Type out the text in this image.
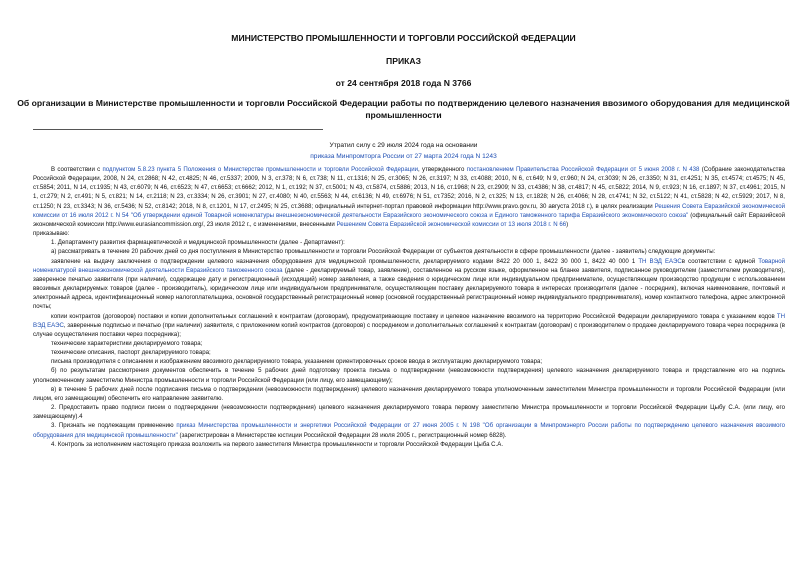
МИНИСТЕРСТВО ПРОМЫШЛЕННОСТИ И ТОРГОВЛИ РОССИЙСКОЙ ФЕДЕРАЦИИ
ПРИКАЗ
от 24 сентября 2018 года N 3766
Об организации в Министерстве промышленности и торговли Российской Федерации работы по подтверждению целевого назначения ввозимого оборудования для медицинской промышленности
Утратил силу с 29 июля 2024 года на основании
приказа Минпромторга России от 27 марта 2024 года N 1243

В соответствии с подпунктом 5.8.23 пункта 5 Положения о Министерстве промышленности и торговли Российской Федерации, утвержденного постановлением Правительства Российской Федерации от 5 июня 2008 г. N 438 (Собрание законодательства Российской Федерации, 2008, N 24, ст.2868; N 42, ст.4825; N 46, ст.5337; 2009, N 3, ст.378; N 6, ст.738; N 11, ст.1316; N 25, ст.3065; N 26, ст.3197; N 33, ст.4088; 2010, N 6, ст.649; N 9, ст.960; N 24, ст.3039; N 26, ст.3350; N 31, ст.4251; N 35, ст.4574; ст.4575; N 45, ст.5854; 2011, N 14, ст.1935; N 43, ст.6079; N 46, ст.6523; N 47, ст.6653; ст.6662; 2012, N 1, ст.192; N 37, ст.5001; N 43, ст.5874, ст.5886; 2013, N 16, ст.1968; N 23, ст.2909; N 33, ст.4386; N 38, ст.4817; N 45, ст.5822; 2014, N 9, ст.923; N 16, ст.1897; N 37, ст.4961; 2015, N 1, ст.279; N 2, ст.491; N 5, ст.821; N 14, ст.2118; N 23, ст.3334; N 26, ст.3901; N 27, ст.4080; N 40, ст.5563; N 44, ст.6136; N 49, ст.6976; N 51, ст.7352; 2016, N 2, ст.325; N 13, ст.1828; N 26, ст.4066; N 28, ст.4741; N 32, ст.5122; N 41, ст.5828; N 42, ст.5929; 2017, N 8, ст.1250; N 23, ст.3343; N 36, ст.5436; N 52, ст.8142; 2018, N 8, ст.1201, N 17, ст.2495; N 25, ст.3688; официальный интернет-портал правовой информации http://www.pravo.gov.ru, 30 августа 2018 г.), в целях реализации Решения Совета Евразийской экономической комиссии от 16 июля 2012 г. N 54 "Об утверждении единой Товарной номенклатуры внешнеэкономической деятельности Евразийского экономического союза и Единого таможенного тарифа Евразийского экономического союза" (официальный сайт Евразийской экономической комиссии http://www.eurasiancommission.org/, 23 июля 2012 г., с изменениями, внесенными Решением Совета Евразийской экономической комиссии от 13 июля 2018 г. N 66)

приказываю:

1. Департаменту развития фармацевтической и медицинской промышленности (далее - Департамент):

а) рассматривать в течение 20 рабочих дней со дня поступления в Министерство промышленности и торговли Российской Федерации от субъектов деятельности в сфере промышленности (далее - заявитель) следующие документы:

заявление на выдачу заключения о подтверждении целевого назначения оборудования для медицинской промышленности, декларируемого кодами 8422 20 000 1, 8422 30 000 1, 8422 40 000 1 ТН ВЭД ЕАЭСв соответствии с единой Товарной номенклатурой внешнеэкономической деятельности Евразийского таможенного союза (далее - декларируемый товар, заявление), составленное на русском языке, оформленное на бланке заявителя, подписанное руководителем (заместителем руководителя), заверенное печатью заявителя (при наличии), содержащее дату и регистрационный (исходящий) номер заявления, а также сведения о юридическом лице или индивидуальном предпринимателе, осуществляющем производство продукции с использованием ввозимых декларируемых товаров (далее - производитель), юридическом лице или индивидуальном предпринимателе, осуществляющем поставку декларируемого товара в интересах производителя (далее - посредник), включая наименование, почтовый и электронный адреса, идентификационный номер налогоплательщика, основной государственный регистрационный номер (основной государственный регистрационный номер индивидуального предпринимателя), номер контактного телефона, адрес электронной почты;

копии контрактов (договоров) поставки и копии дополнительных соглашений к контрактам (договорам), предусматривающие поставку и целевое назначение ввозимого на территорию Российской Федерации декларируемого товара с указанием кодов ТН ВЭД ЕАЭС, заверенные подписью и печатью (при наличии) заявителя, с приложением копий контрактов (договоров) с посредником и дополнительных соглашений к контрактам (договорам) с производителем о продаже декларируемого товара через посредника (в случае осуществления поставки через посредника);

технические характеристики декларируемого товара;

технические описания, паспорт декларируемого товара;

письма производителя с описанием и изображением ввозимого декларируемого товара, указанием ориентировочных сроков ввода в эксплуатацию декларируемого товара;

б) по результатам рассмотрения документов обеспечить в течение 5 рабочих дней подготовку проекта письма о подтверждении (невозможности подтверждения) целевого назначения декларируемого товара и представление его на подпись уполномоченному заместителю Министра промышленности и торговли Российской Федерации (или лицу, его замещающему);

в) в течение 5 рабочих дней после подписания письма о подтверждении (невозможности подтверждения) целевого назначения декларируемого товара уполномоченным заместителем Министра промышленности и торговли Российской Федерации (или лицом, его замещающим) обеспечить его направление заявителю.

2. Предоставить право подписи писем о подтверждении (невозможности подтверждения) целевого назначения декларируемого товара первому заместителю Министра промышленности и торговли Российской Федерации Цыбу С.А. (или лицу, его замещающему).4

3. Признать не подлежащим применению приказ Министерства промышленности и энергетики Российской Федерации от 27 июня 2005 г. N 198 "Об организации в Минпромэнерго России работы по подтверждению целевого назначения ввозимого оборудования для медицинской промышленности" (зарегистрирован в Министерстве юстиции Российской Федерации 28 июля 2005 г., регистрационный номер 6828).

4. Контроль за исполнением настоящего приказа возложить на первого заместителя Министра промышленности и торговли Российской Федерации Цыба С.А.
